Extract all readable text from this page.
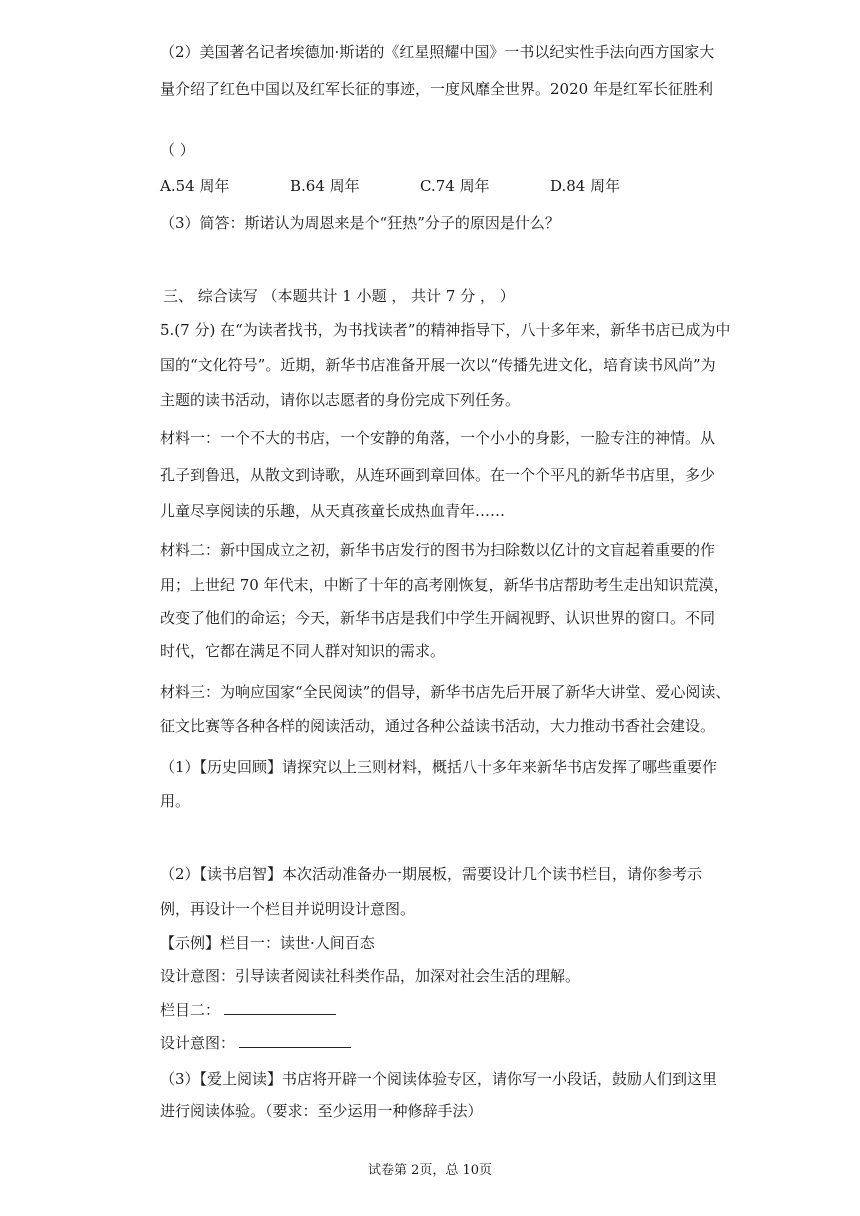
（2）美国著名记者埃德加·斯诺的《红星照耀中国》一书以纪实性手法向西方国家大
量介绍了红色中国以及红军长征的事迹，一度风靡全世界。2020 年是红军长征胜利
（ ）
A.54 周年	B.64 周年	C.74 周年	D.84 周年
（3）简答：斯诺认为周恩来是个“狂热”分子的原因是什么？
三、 综合读写 （本题共计 1 小题 ， 共计 7 分 ， ）
5.(7 分) 在“为读者找书，为书找读者”的精神指导下，八十多年来，新华书店已成为中
国的“文化符号”。近期，新华书店准备开展一次以“传播先进文化，培育读书风尚”为
主题的读书活动，请你以志愿者的身份完成下列任务。
材料一：一个不大的书店，一个安静的角落，一个小小的身影，一脸专注的神情。从
孔子到鲁迅，从散文到诗歌，从连环画到章回体。在一个个平凡的新华书店里，多少
儿童尽享阅读的乐趣，从天真孩童长成热血青年……
材料二：新中国成立之初，新华书店发行的图书为扫除数以亿计的文盲起着重要的作
用；上世纪 70 年代末，中断了十年的高考刚恢复，新华书店帮助考生走出知识荒漠，
改变了他们的命运；今天，新华书店是我们中学生开阔视野、认识世界的窗口。不同
时代，它都在满足不同人群对知识的需求。
材料三：为响应国家“全民阅读”的倡导，新华书店先后开展了新华大讲堂、爱心阅读、
征文比赛等各种各样的阅读活动，通过各种公益读书活动，大力推动书香社会建设。
（1）【历史回顾】请探究以上三则材料，概括八十多年来新华书店发挥了哪些重要作
用。
（2）【读书启智】本次活动准备办一期展板，需要设计几个读书栏目，请你参考示
例，再设计一个栏目并说明设计意图。
【示例】栏目一：读世·人间百态
设计意图：引导读者阅读社科类作品，加深对社会生活的理解。
栏目二：
设计意图：
（3）【爱上阅读】书店将开辟一个阅读体验专区，请你写一小段话，鼓励人们到这里
进行阅读体验。（要求：至少运用一种修辞手法）
试卷第 2页，总 10页
